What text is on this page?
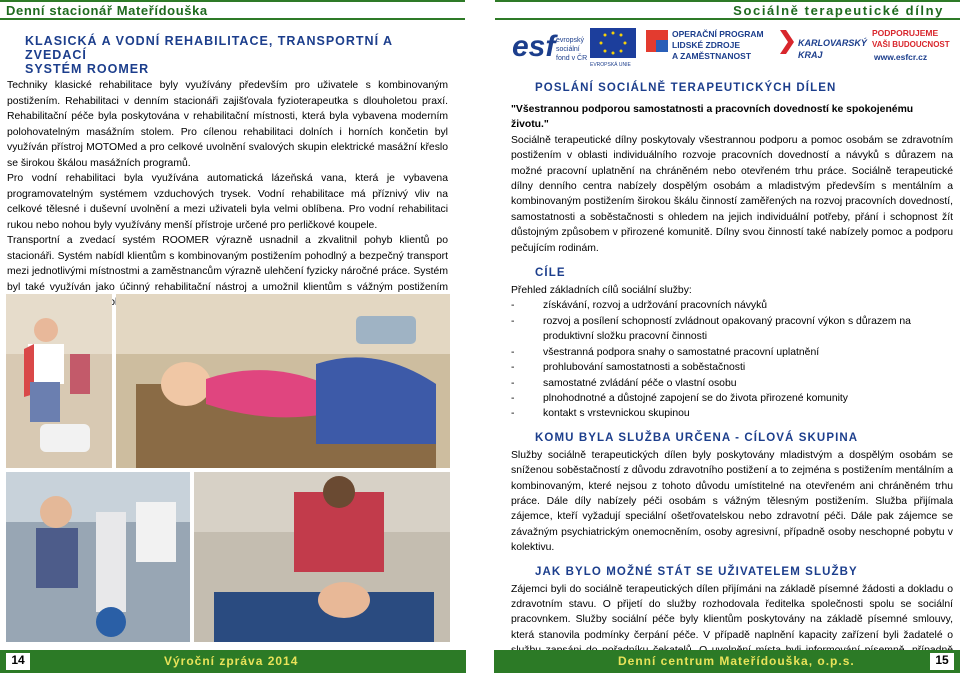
Denní stacionář Mateřídouška	Sociálně terapeutické dílny
KLASICKÁ A VODNÍ REHABILITACE, TRANSPORTNÍ A ZVEDACÍ
SYSTÉM ROOMER

Techniky klasické rehabilitace byly využívány především pro uživatele s kombinovaným postižením. Rehabilitaci v denním stacionáři zajišťovala fyzioterapeutka s dlouholetou praxí. Rehabilitační péče byla poskytována v rehabilitační místnosti, která byla vybavena moderním polohovatelným masážním stolem. Pro cílenou rehabilitaci dolních i horních končetin byl využíván přístroj MOTOMed a pro celkové uvolnění svalových skupin elektrické masážní křeslo se širokou škálou masážních programů.

Pro vodní rehabilitaci byla využívána automatická lázeňská vana, která je vybavena programovatelným systémem vzduchových trysek. Vodní rehabilitace má příznivý vliv na celkové tělesné i duševní uvolnění a mezi uživateli byla velmi oblíbena. Pro vodní rehabilitaci rukou nebo nohou byly využívány menší přístroje určené pro perličkové koupele.

Transportní a zvedací systém ROOMER výrazně usnadnil a zkvalitnil pohyb klientů po stacionáři. Systém nabídl klientům s kombinovaným postižením pohodlný a bezpečný transport mezi jednotlivými místnostmi a zaměstnancům výrazně ulehčení fyzicky náročné práce. Systém byl také využíván jako účinný rehabilitační nástroj a umožnil klientům s vážným postižením

esf evropský
sociální
fond v ČR
EVROPSKÁ UNIE
OPERAČNÍ PROGRAM
LIDSKÉ ZDROJE
A ZAMĚSTNANOST
KARLOVARSKÝ
KRAJ
PODPORUJEME
VAŠI BUDOUCNOST
www.esfcr.cz
POSLÁNÍ SOCIÁLNĚ TERAPEUTICKÝCH DÍLEN
"Všestrannou podporou samostatnosti a pracovních dovedností ke spokojenému životu."

Sociálně terapeutické dílny poskytovaly všestrannou podporu a pomoc osobám se zdravotním postižením v oblasti individuálního rozvoje pracovních dovedností a návyků s důrazem na možné pracovní uplatnění na chráněném nebo otevřeném trhu práce. Sociálně terapeutické dílny denního centra nabízely dospělým osobám a mladistvým především s mentálním a kombinovaným postižením širokou škálu činností zaměřených na rozvoj pracovních dovedností, samostatnosti a soběstačnosti s ohledem na jejich individuální potřeby, přání i schopnost žít důstojným způsobem v přirozené komunitě. Dílny svou činností také nabízely pomoc a podporu pečujícím rodinám.

CÍLE

Přehled základních cílů sociální služby:

- získávání, rozvoj a udržování pracovních návyků
- rozvoj a posílení schopností zvládnout opakovaný pracovní výkon s důrazem na produktivní složku pracovní činnosti
- všestranná podpora snahy o samostatné pracovní uplatnění
- prohlubování samostatnosti a soběstačnosti
- samostatné zvládání péče o vlastní osobu
- plnohodnotné a důstojné zapojení se do života přirozené komunity
- kontakt s vrstevnickou skupinou
KOMU BYLA SLUŽBA URČENA - CÍLOVÁ SKUPINA

Služby sociálně terapeutických dílen byly poskytovány mladistvým a dospělým osobám se sníženou soběstačností z důvodu zdravotního postižení a to zejména s postižením mentálním a kombinovaným, které nejsou z tohoto důvodu umístitelné na otevřeném ani chráněném trhu práce. Dále díly nabízely péči osobám s vážným tělesným postižením. Služba přijímala zájemce, kteří vyžadují speciální ošetřovatelskou nebo zdravotní péči. Dále pak zájemce se závažným psychiatrickým onemocněním, osoby agresivní, případně osoby neschopné pobytu v kolektivu.

JAK BYLO MOŽNÉ STÁT SE UŽIVATELEM SLUŽBY

Zájemci byli do sociálně terapeutických dílen přijímáni na základě písemné žádosti a dokladu o zdravotním stavu. O přijetí do služby rozhodovala ředitelka společnosti spolu se sociální pracovnkem. Služby sociální péče byly klientům poskytovány na základě písemné smlouvy, která stanovila podmínky čerpání péče. V případě naplnění kapacity zařízení byli žadatelé o

14	Výroční zpráva 2014	Denní centrum Mateřídouška, o.p.s.	15
